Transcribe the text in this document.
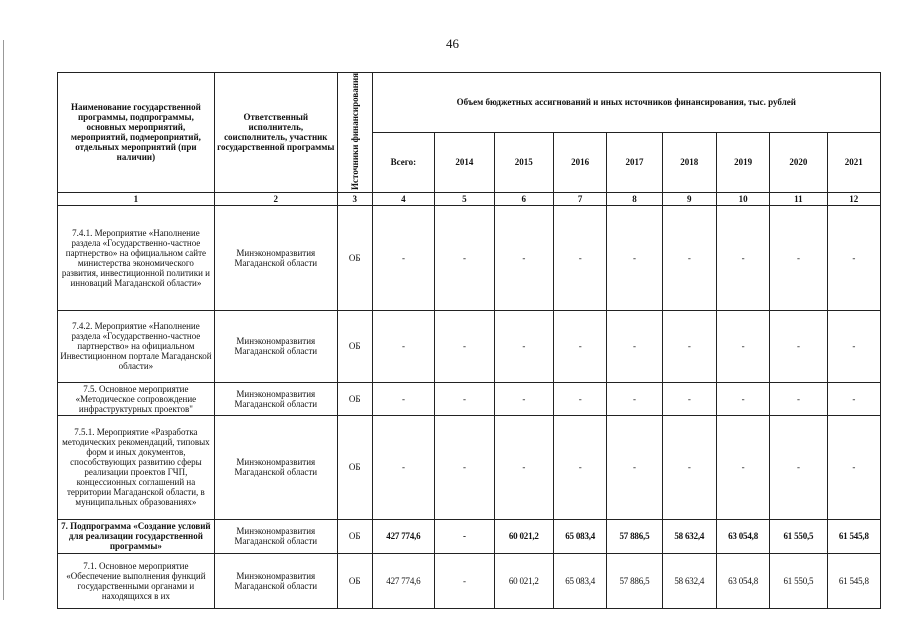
46
Наименование государственной программы, подпрограммы, основных мероприятий, мероприятий, подмероприятий, отдельных мероприятий (при наличии)	Ответственный исполнитель, соисполнитель, участник государственной программы	Источники финансирования	Объем бюджетных ассигнований и иных источников финансирования, тыс. рублей								
			Всего:	2014	2015	2016	2017	2018	2019	2020	2021
1	2	3	4	5	6	7	8	9	10	11	12
7.4.1. Мероприятие «Наполнение раздела «Государственно-частное партнерство» на официальном сайте министерства экономического развития, инвестиционной политики и инноваций Магаданской области»	Минэкономразвития Магаданской области	ОБ	-	-	-	-	-	-	-	-	-
7.4.2. Мероприятие «Наполнение раздела «Государственно-частное партнерство» на официальном Инвестиционном портале Магаданской области»	Минэкономразвития Магаданской области	ОБ	-	-	-	-	-	-	-	-	-
7.5. Основное мероприятие «Методическое сопровождение инфраструктурных проектов"	Минэкономразвития Магаданской области	ОБ	-	-	-	-	-	-	-	-	-
7.5.1. Мероприятие «Разработка методических рекомендаций, типовых форм и иных документов, способствующих развитию сферы реализации проектов ГЧП, концессионных соглашений на территории Магаданской области, в муниципальных образованиях»	Минэкономразвития Магаданской области	ОБ	-	-	-	-	-	-	-	-	-
7. Подпрограмма «Создание условий для реализации государственной программы»	Минэкономразвития Магаданской области	ОБ	427 774,6	-	60 021,2	65 083,4	57 886,5	58 632,4	63 054,8	61 550,5	61 545,8
7.1. Основное мероприятие «Обеспечение выполнения функций государственными органами и находящихся в их	Минэкономразвития Магаданской области	ОБ	427 774,6	-	60 021,2	65 083,4	57 886,5	58 632,4	63 054,8	61 550,5	61 545,8
